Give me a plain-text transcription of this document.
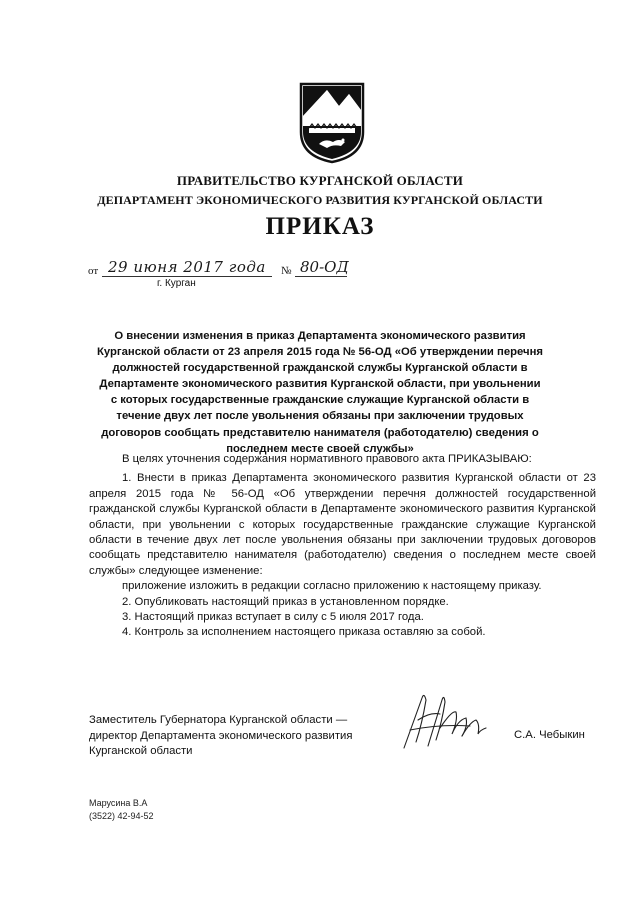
ПРАВИТЕЛЬСТВО КУРГАНСКОЙ ОБЛАСТИ
ДЕПАРТАМЕНТ ЭКОНОМИЧЕСКОГО РАЗВИТИЯ КУРГАНСКОЙ ОБЛАСТИ
ПРИКАЗ
от 29 июня 2017 года № 80-ОД
г. Курган
О внесении изменения в приказ Департамента экономического развития Курганской области от 23 апреля 2015 года № 56-ОД «Об утверждении перечня должностей государственной гражданской службы Курганской области в Департаменте экономического развития Курганской области, при увольнении с которых государственные гражданские служащие Курганской области в течение двух лет после увольнения обязаны при заключении трудовых договоров сообщать представителю нанимателя (работодателю) сведения о последнем месте своей службы»

В целях уточнения содержания нормативного правового акта ПРИКАЗЫВАЮ:

1. Внести в приказ Департамента экономического развития Курганской области от 23 апреля 2015 года № 56-ОД «Об утверждении перечня должностей государственной гражданской службы Курганской области в Департаменте экономического развития Курганской области, при увольнении с которых государственные гражданские служащие Курганской области в течение двух лет после увольнения обязаны при заключении трудовых договоров сообщать представителю нанимателя (работодателю) сведения о последнем месте своей службы» следующее изменение:

приложение изложить в редакции согласно приложению к настоящему приказу.

2. Опубликовать настоящий приказ в установленном порядке.

3. Настоящий приказ вступает в силу с 5 июля 2017 года.

4. Контроль за исполнением настоящего приказа оставляю за собой.

Заместитель Губернатора Курганской области —
директор Департамента экономического развития
Курганской области
С.А. Чебыкин
Марусина В.А
(3522) 42-94-52
